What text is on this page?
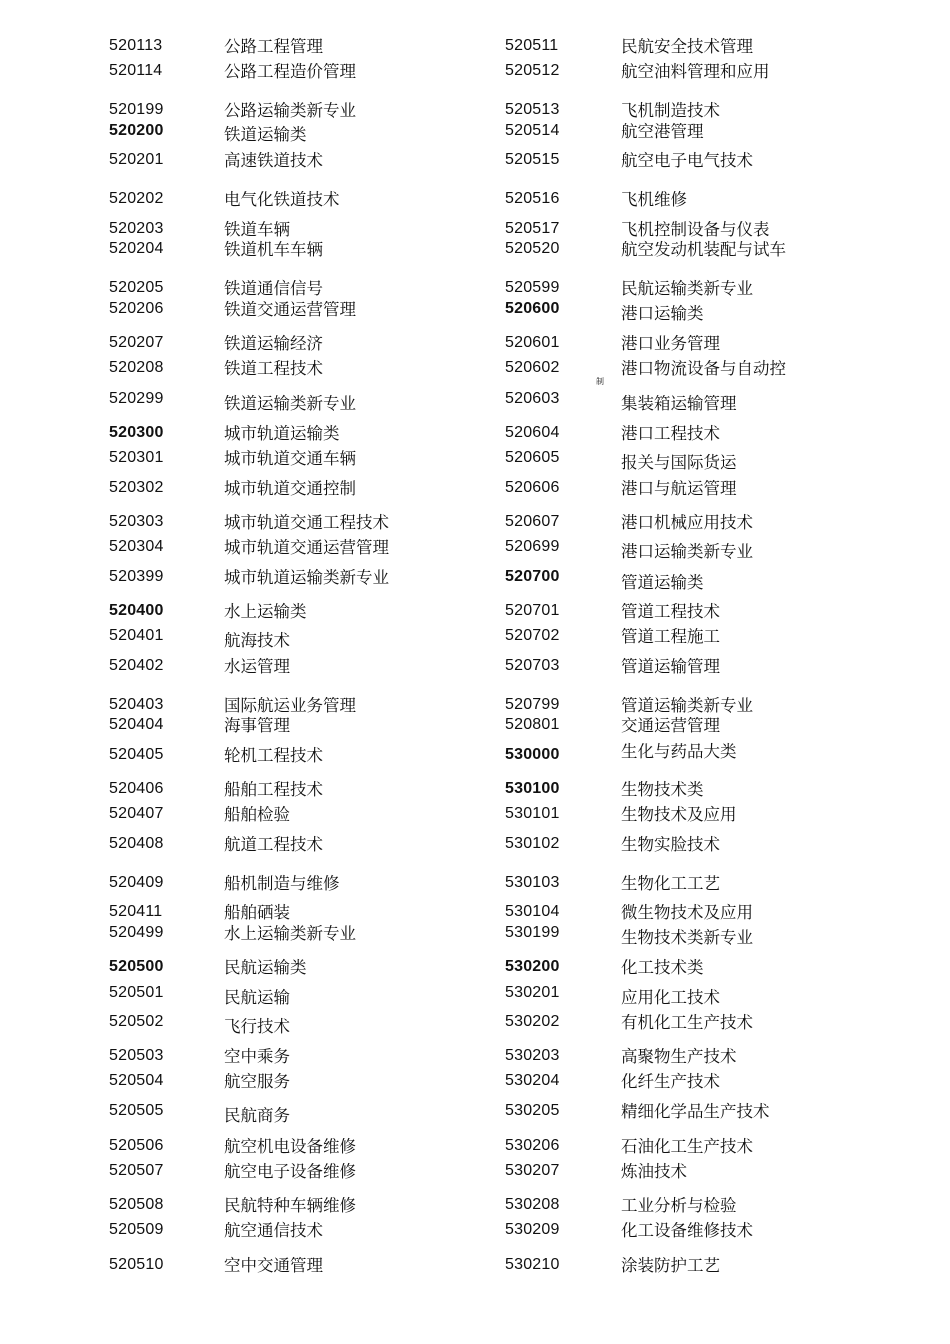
520113	公路工程管理
520114	公路工程造价管理
520199	公路运输类新专业
520200	铁道运输类
520201	高速铁道技术
520202	电气化铁道技术
520203	铁道车辆
520204	铁道机车车辆
520205	铁道通信信号
520206	铁道交通运营管理
520207	铁道运输经济
520208	铁道工程技术
520299	铁道运输类新专业
520300	城市轨道运输类
520301	城市轨道交通车辆
520302	城市轨道交通控制
520303	城市轨道交通工程技术
520304	城市轨道交通运营管理
520399	城市轨道运输类新专业
520400	水上运输类
520401	航海技术
520402	水运管理
520403	国际航运业务管理
520404	海事管理
520405	轮机工程技术
520406	船舶工程技术
520407	船舶检验
520408	航道工程技术
520409	船机制造与维修
520411	船舶硒装
520499	水上运输类新专业
520500	民航运输类
520501	民航运输
520502	飞行技术
520503	空中乘务
520504	航空服务
520505	民航商务
520506	航空机电设备维修
520507	航空电子设备维修
520508	民航特种车辆维修
520509	航空通信技术
520510	空中交通管理
520511	民航安全技术管理
520512	航空油料管理和应用
520513	飞机制造技术
520514	航空港管理
520515	航空电子电气技术
520516	飞机维修
520517	飞机控制设备与仪表
520520	航空发动机装配与试车
520599	民航运输类新专业
520600	港口运输类
520601	港口业务管理
520602	港口物流设备与自动控
520603	集装箱运输管理
520604	港口工程技术
520605	报关与国际货运
520606	港口与航运管理
520607	港口机械应用技术
520699	港口运输类新专业
520700	管道运输类
520701	管道工程技术
520702	管道工程施工
520703	管道运输管理
520799	管道运输类新专业
520801	交通运营管理
530000	生化与药品大类
530100	生物技术类
530101	生物技术及应用
530102	生物实脸技术
530103	生物化工工艺
530104	微生物技术及应用
530199	生物技术类新专业
530200	化工技术类
530201	应用化工技术
530202	有机化工生产技术
530203	高聚物生产技术
530204	化纤生产技术
530205	精细化学品生产技术
530206	石油化工生产技术
530207	炼油技术
530208	工业分析与检验
530209	化工设备维修技术
530210	涂装防护工艺
制
